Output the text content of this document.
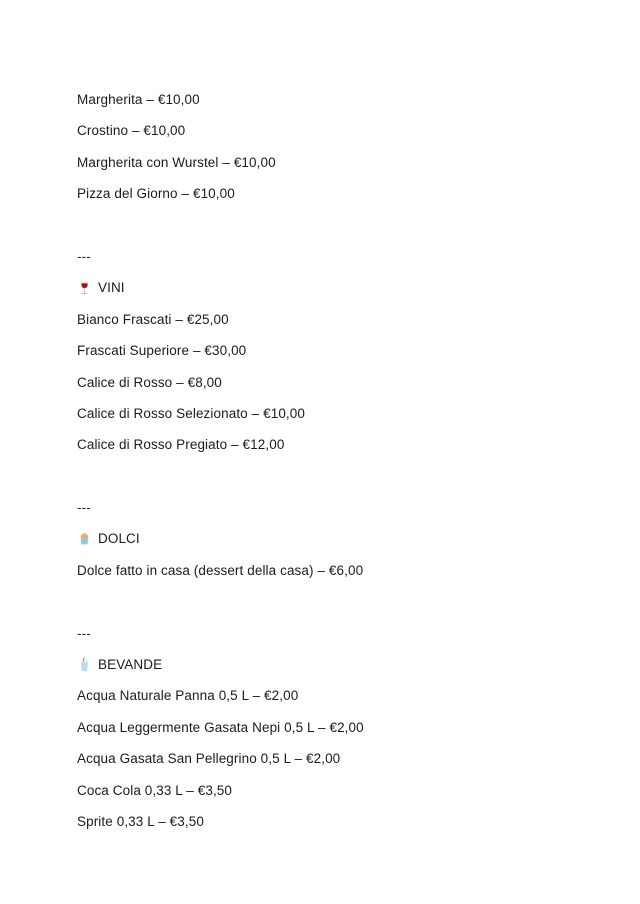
Margherita – €10,00

Crostino – €10,00

Margherita con Wurstel – €10,00

Pizza del Giorno – €10,00

---

VINI

Bianco Frascati – €25,00

Frascati Superiore – €30,00

Calice di Rosso – €8,00

Calice di Rosso Selezionato – €10,00

Calice di Rosso Pregiato – €12,00

---

DOLCI

Dolce fatto in casa (dessert della casa) – €6,00

---

BEVANDE

Acqua Naturale Panna 0,5 L – €2,00

Acqua Leggermente Gasata Nepi 0,5 L – €2,00

Acqua Gasata San Pellegrino 0,5 L – €2,00

Coca Cola 0,33 L – €3,50

Sprite 0,33 L – €3,50
